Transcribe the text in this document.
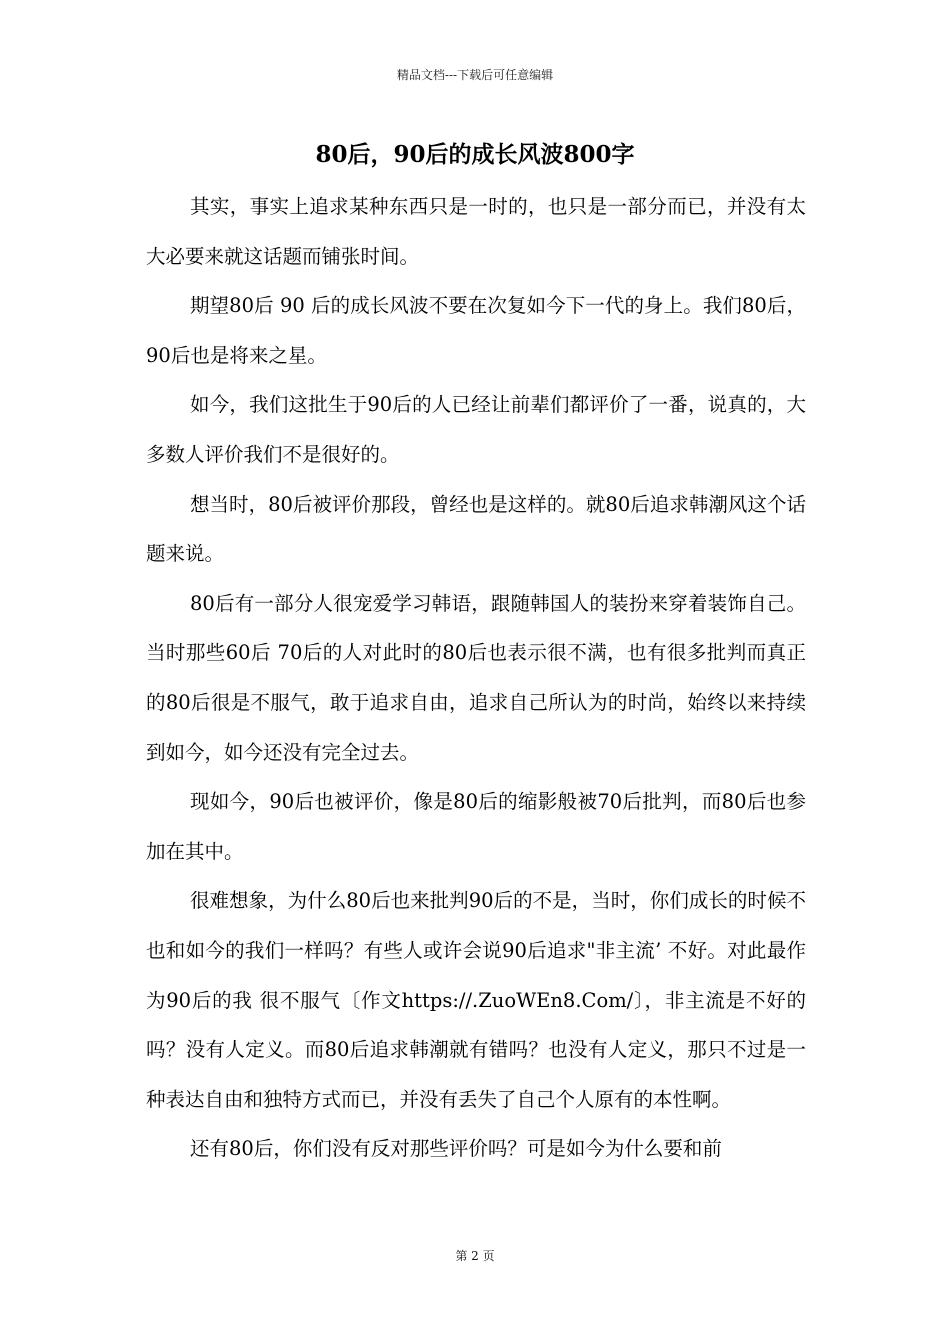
精品文档---下载后可任意编辑
80后，90后的成长风波800字

其实，事实上追求某种东西只是一时的，也只是一部分而已，并没有太大必要来就这话题而铺张时间。

期望80后 90 后的成长风波不要在次复如今下一代的身上。我们80后，90后也是将来之星。

如今，我们这批生于90后的人已经让前辈们都评价了一番，说真的，大多数人评价我们不是很好的。

想当时，80后被评价那段，曾经也是这样的。就80后追求韩潮风这个话题来说。

80后有一部分人很宠爱学习韩语，跟随韩国人的装扮来穿着装饰自己。当时那些60后 70后的人对此时的80后也表示很不满，也有很多批判而真正的80后很是不服气，敢于追求自由，追求自己所认为的时尚，始终以来持续到如今，如今还没有完全过去。

现如今，90后也被评价，像是80后的缩影般被70后批判，而80后也参加在其中。

很难想象，为什么80后也来批判90后的不是，当时，你们成长的时候不也和如今的我们一样吗？有些人或许会说90后追求"非主流’ 不好。对此最作为90后的我 很不服气〔作文https://.ZuoWEn8.Com/〕，非主流是不好的吗？没有人定义。而80后追求韩潮就有错吗？也没有人定义，那只不过是一种表达自由和独特方式而已，并没有丢失了自己个人原有的本性啊。

还有80后，你们没有反对那些评价吗？可是如今为什么要和前

第 2 页
